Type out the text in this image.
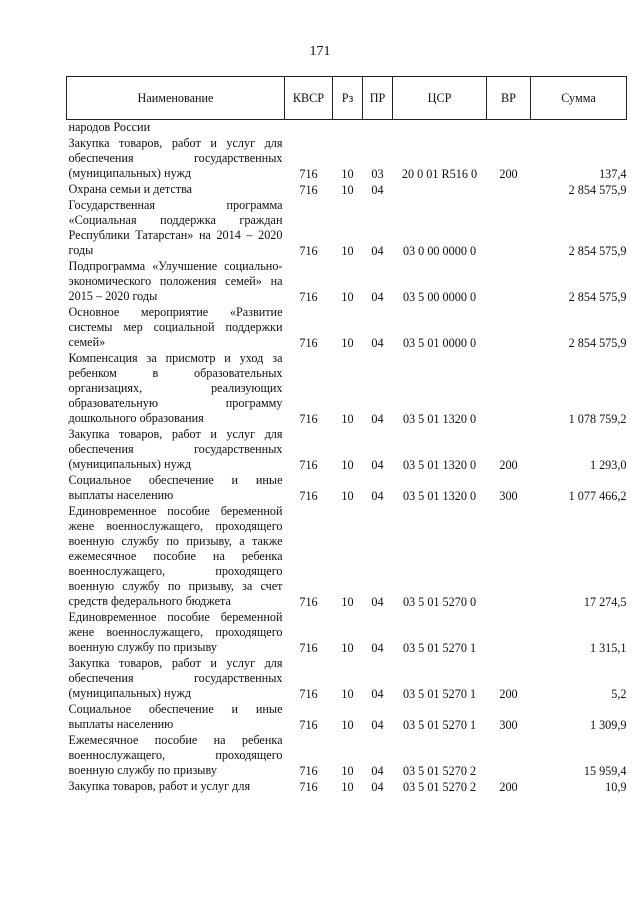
171
Наименование	КВСР	Рз	ПР	ЦСР	ВР	Сумма
народов России						
Закупка товаров, работ и услуг для обеспечения государственных (муниципальных) нужд	716	10	03	20 0 01 R516 0	200	137,4
Охрана семьи и детства	716	10	04			2 854 575,9
Государственная программа «Социальная поддержка граждан Республики Татарстан» на 2014 – 2020 годы	716	10	04	03 0 00 0000 0		2 854 575,9
Подпрограмма «Улучшение социально-экономического положения семей» на 2015 – 2020 годы	716	10	04	03 5 00 0000 0		2 854 575,9
Основное мероприятие «Развитие системы мер социальной поддержки семей»	716	10	04	03 5 01 0000 0		2 854 575,9
Компенсация за присмотр и уход за ребенком в образовательных организациях, реализующих образовательную программу дошкольного образования	716	10	04	03 5 01 1320 0		1 078 759,2
Закупка товаров, работ и услуг для обеспечения государственных (муниципальных) нужд	716	10	04	03 5 01 1320 0	200	1 293,0
Социальное обеспечение и иные выплаты населению	716	10	04	03 5 01 1320 0	300	1 077 466,2
Единовременное пособие беременной жене военнослужащего, проходящего военную службу по призыву, а также ежемесячное пособие на ребенка военнослужащего, проходящего военную службу по призыву, за счет средств федерального бюджета	716	10	04	03 5 01 5270 0		17 274,5
Единовременное пособие беременной жене военнослужащего, проходящего военную службу по призыву	716	10	04	03 5 01 5270 1		1 315,1
Закупка товаров, работ и услуг для обеспечения государственных (муниципальных) нужд	716	10	04	03 5 01 5270 1	200	5,2
Социальное обеспечение и иные выплаты населению	716	10	04	03 5 01 5270 1	300	1 309,9
Ежемесячное пособие на ребенка военнослужащего, проходящего военную службу по призыву	716	10	04	03 5 01 5270 2		15 959,4
Закупка товаров, работ и услуг для	716	10	04	03 5 01 5270 2	200	10,9
